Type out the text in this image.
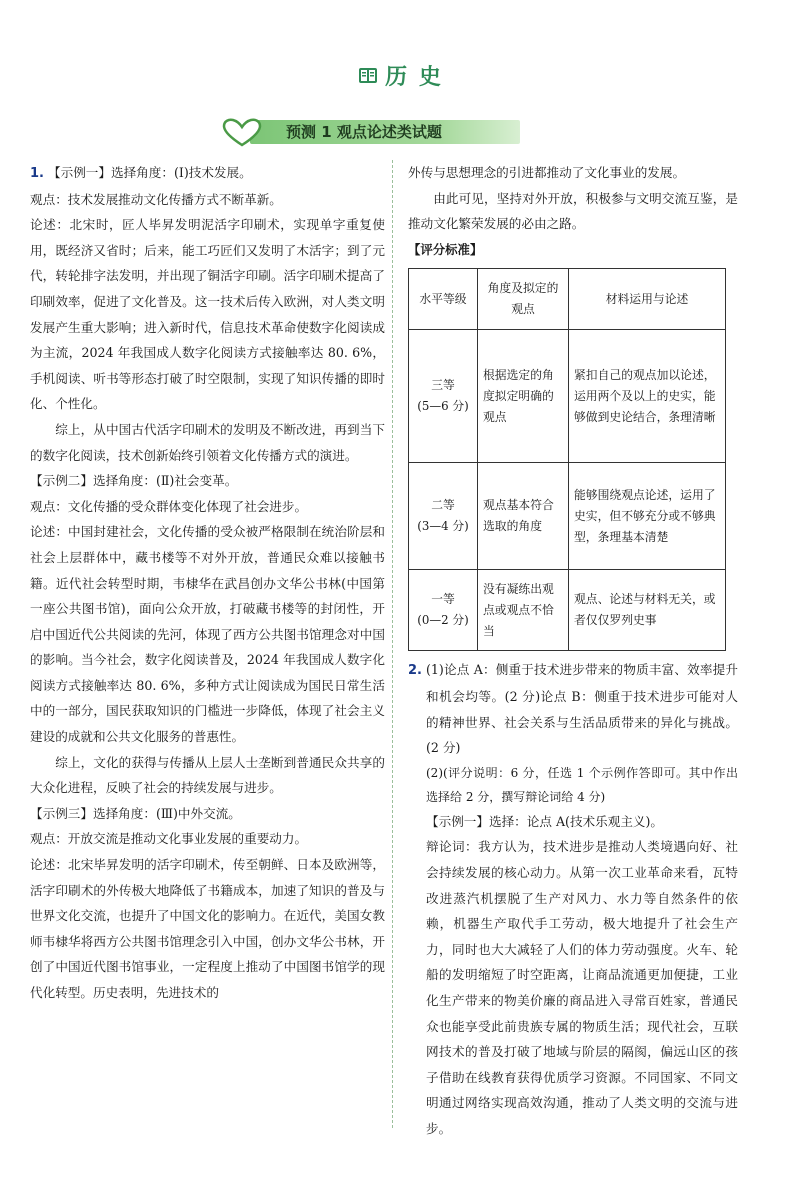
历 史
预测 1 观点论述类试题

1. 【示例一】选择角度：(Ⅰ)技术发展。

观点：技术发展推动文化传播方式不断革新。

论述：北宋时，匠人毕昇发明泥活字印刷术，实现单字重复使用，既经济又省时；后来，能工巧匠们又发明了木活字；到了元代，转轮排字法发明，并出现了铜活字印刷。活字印刷术提高了印刷效率，促进了文化普及。这一技术后传入欧洲，对人类文明发展产生重大影响；进入新时代，信息技术革命使数字化阅读成为主流，2024 年我国成人数字化阅读方式接触率达 80. 6%，手机阅读、听书等形态打破了时空限制，实现了知识传播的即时化、个性化。

综上，从中国古代活字印刷术的发明及不断改进，再到当下的数字化阅读，技术创新始终引领着文化传播方式的演进。

【示例二】选择角度：(Ⅱ)社会变革。

观点：文化传播的受众群体变化体现了社会进步。

论述：中国封建社会，文化传播的受众被严格限制在统治阶层和社会上层群体中，藏书楼等不对外开放，普通民众难以接触书籍。近代社会转型时期，韦棣华在武昌创办文华公书林(中国第一座公共图书馆)，面向公众开放，打破藏书楼等的封闭性，开启中国近代公共阅读的先河，体现了西方公共图书馆理念对中国的影响。当今社会，数字化阅读普及，2024 年我国成人数字化阅读方式接触率达 80. 6%，多种方式让阅读成为国民日常生活中的一部分，国民获取知识的门槛进一步降低，体现了社会主义建设的成就和公共文化服务的普惠性。

综上，文化的获得与传播从上层人士垄断到普通民众共享的大众化进程，反映了社会的持续发展与进步。

【示例三】选择角度：(Ⅲ)中外交流。

观点：开放交流是推动文化事业发展的重要动力。

论述：北宋毕昇发明的活字印刷术，传至朝鲜、日本及欧洲等，活字印刷术的外传极大地降低了书籍成本，加速了知识的普及与世界文化交流，也提升了中国文化的影响力。在近代，美国女教师韦棣华将西方公共图书馆理念引入中国，创办文华公书林，开创了中国近代图书馆事业，一定程度上推动了中国图书馆学的现代化转型。历史表明，先进技术的

外传与思想理念的引进都推动了文化事业的发展。

由此可见，坚持对外开放，积极参与文明交流互鉴，是推动文化繁荣发展的必由之路。

【评分标准】

水平等级	角度及拟定的观点	材料运用与论述

三等
(5—6 分)	根据选定的角度拟定明确的观点	紧扣自己的观点加以论述，运用两个及以上的史实，能够做到史论结合，条理清晰

二等
(3—4 分)	观点基本符合选取的角度	能够围绕观点论述，运用了史实，但不够充分或不够典型，条理基本清楚

一等
(0—2 分)	没有凝练出观点或观点不恰当	观点、论述与材料无关，或者仅仅罗列史事

2. (1)论点 A：侧重于技术进步带来的物质丰富、效率提升和机会均等。(2 分)论点 B：侧重于技术进步可能对人的精神世界、社会关系与生活品质带来的异化与挑战。(2 分)

(2)(评分说明：6 分，任选 1 个示例作答即可。其中作出选择给 2 分，撰写辩论词给 4 分)

【示例一】选择：论点 A(技术乐观主义)。

辩论词：我方认为，技术进步是推动人类境遇向好、社会持续发展的核心动力。从第一次工业革命来看，瓦特改进蒸汽机摆脱了生产对风力、水力等自然条件的依赖，机器生产取代手工劳动，极大地提升了社会生产力，同时也大大减轻了人们的体力劳动强度。火车、轮船的发明缩短了时空距离，让商品流通更加便捷，工业化生产带来的物美价廉的商品进入寻常百姓家，普通民众也能享受此前贵族专属的物质生活；现代社会，互联网技术的普及打破了地域与阶层的隔阂，偏远山区的孩子借助在线教育获得优质学习资源。不同国家、不同文明通过网络实现高效沟通，推动了人类文明的交流与进步。
